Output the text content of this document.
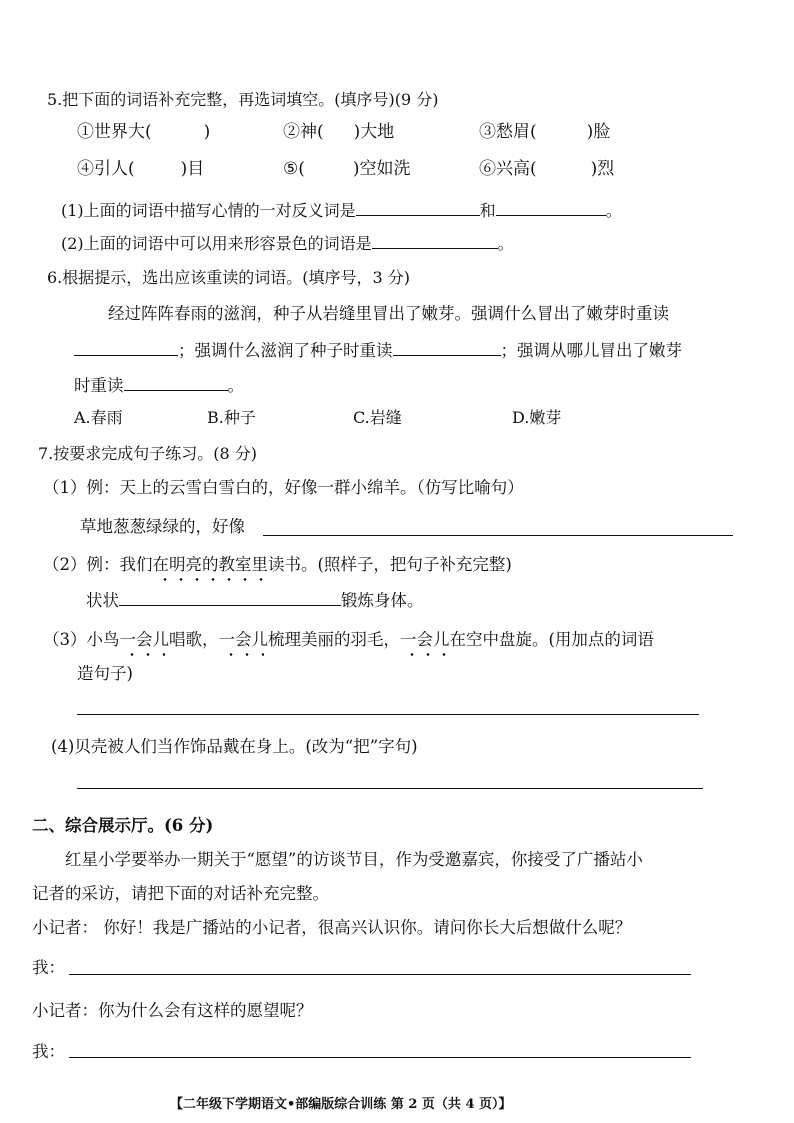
5.把下面的词语补充完整，再选词填空。(填序号)(9 分)
①世界大(	)	②神( )大地	③愁眉(	)脸
④引人(	)目	⑤(	)空如洗	⑥兴高(	)烈
(1)上面的词语中描写心情的一对反义词是	和	。
(2)上面的词语中可以用来形容景色的词语是	。
6.根据提示，选出应该重读的词语。(填序号，3 分)
经过阵阵春雨的滋润，种子从岩缝里冒出了嫩芽。强调什么冒出了嫩芽时重读
；强调什么滋润了种子时重读	；强调从哪儿冒出了嫩芽
时重读	。
A.春雨	B.种子	C.岩缝	D.嫩芽
7.按要求完成句子练习。(8 分)
（1）例：天上的云雪白雪白的，好像一群小绵羊。（仿写比喻句）
草地葱葱绿绿的，好像
（2）例：我们在明亮的教室里读书。(照样子，把句子补充完整)
状状	锻炼身体。
（3）小鸟一会儿唱歌，一会儿梳理美丽的羽毛，一会儿在空中盘旋。(用加点的词语
造句子)
(4)贝壳被人们当作饰品戴在身上。(改为“把”字句)
二、综合展示厅。(6 分)
红星小学要举办一期关于“愿望”的访谈节目，作为受邀嘉宾，你接受了广播站小
记者的采访，请把下面的对话补充完整。
小记者： 你好！我是广播站的小记者，很高兴认识你。请问你长大后想做什么呢？
我：
小记者：你为什么会有这样的愿望呢？
我：
【二年级下学期语文•部编版综合训练 第 2 页（共 4 页）】
